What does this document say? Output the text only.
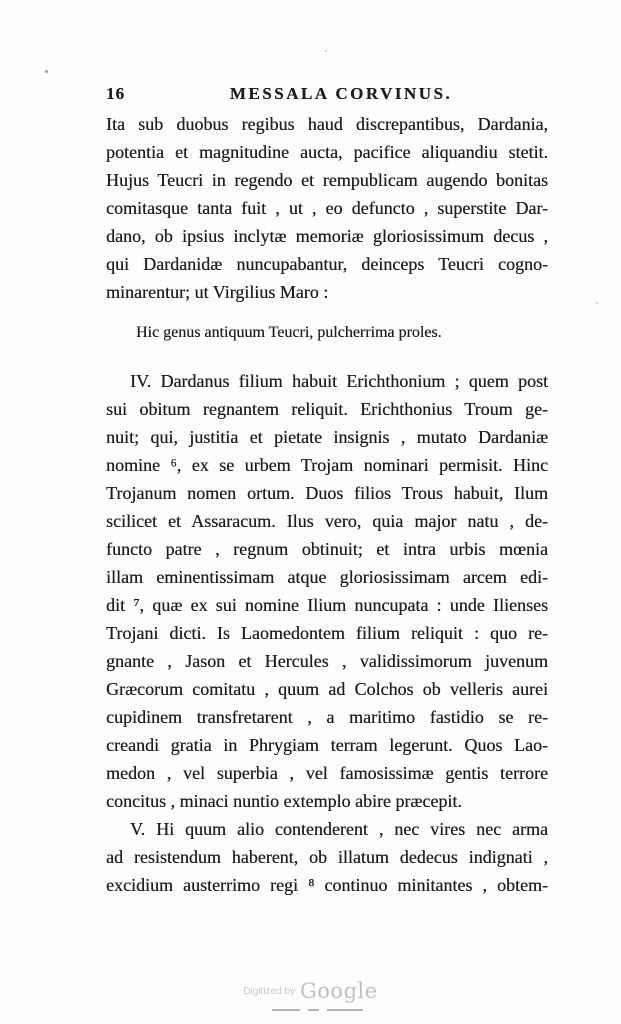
16	MESSALA CORVINUS.
Ita sub duobus regibus haud discrepantibus, Dardania,
potentia et magnitudine aucta, pacifice aliquandiu stetit.
Hujus Teucri in regendo et rempublicam augendo bonitas
comitasque tanta fuit , ut , eo defuncto , superstite Dar-
dano, ob ipsius inclytæ memoriæ gloriosissimum decus ,
qui Dardanidæ nuncupabantur, deinceps Teucri cogno-
minarentur; ut Virgilius Maro :
Hic genus antiquum Teucri, pulcherrima proles.
IV. Dardanus filium habuit Erichthonium ; quem post
sui obitum regnantem reliquit. Erichthonius Troum ge-
nuit; qui, justitia et pietate insignis , mutato Dardaniæ
nomine ⁶, ex se urbem Trojam nominari permisit. Hinc
Trojanum nomen ortum. Duos filios Trous habuit, Ilum
scilicet et Assaracum. Ilus vero, quia major natu , de-
functo patre , regnum obtinuit; et intra urbis mœnia
illam eminentissimam atque gloriosissimam arcem edi-
dit ⁷, quæ ex sui nomine Ilium nuncupata : unde Ilienses
Trojani dicti. Is Laomedontem filium reliquit : quo re-
gnante , Jason et Hercules , validissimorum juvenum
Græcorum comitatu , quum ad Colchos ob velleris aurei
cupidinem transfretarent , a maritimo fastidio se re-
creandi gratia in Phrygiam terram legerunt. Quos Lao-
medon , vel superbia , vel famosissimæ gentis terrore
concitus , minaci nuntio extemplo abire præcepit.
V. Hi quum alio contenderent , nec vires nec arma
ad resistendum haberent, ob illatum dedecus indignati ,
excidium austerrimo regi ⁸ continuo minitantes , obtem-
$^{Digitized by}$ Google
